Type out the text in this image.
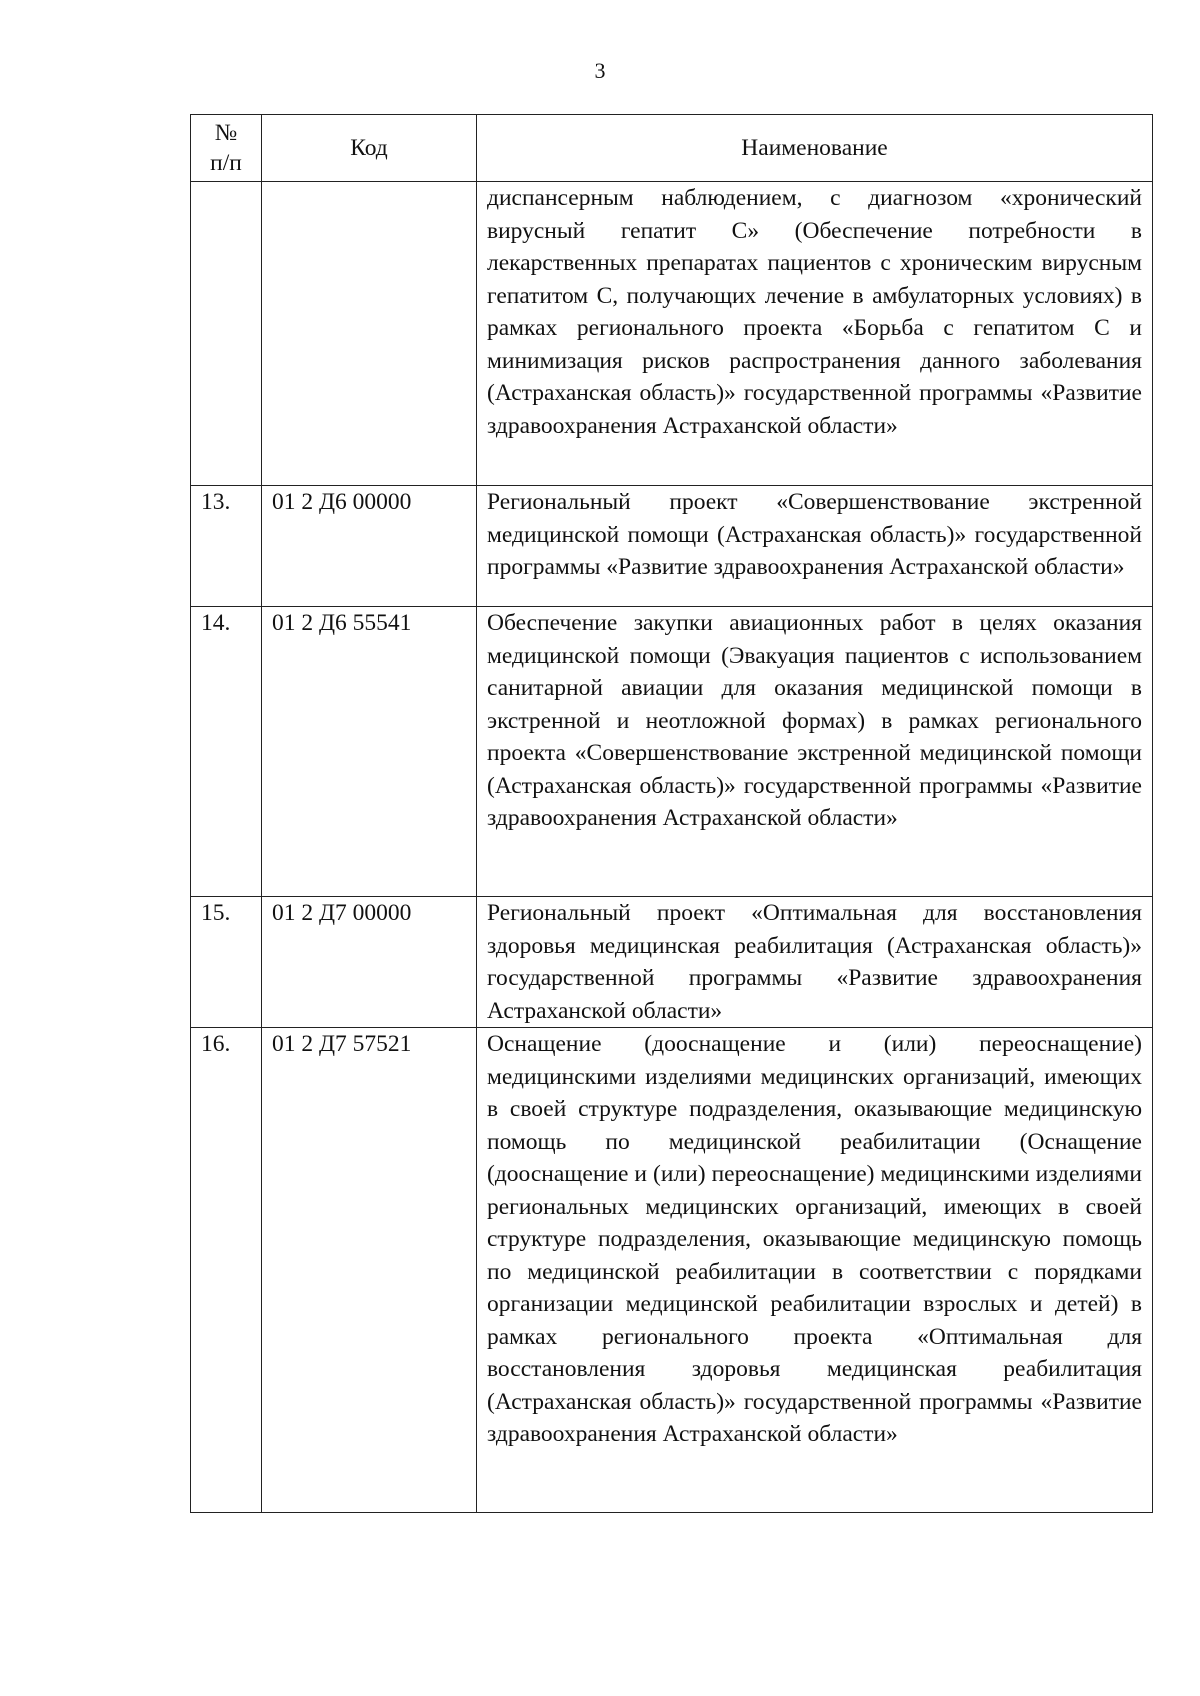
3
№
п/п	Код	Наименование
		диспансерным наблюдением, с диагнозом «хронический вирусный гепатит С» (Обеспечение потребности в лекарственных препаратах пациентов с хроническим вирусным гепатитом С, получающих лечение в амбулаторных условиях) в рамках регионального проекта «Борьба с гепатитом С и минимизация рисков распространения данного заболевания (Астраханская область)» государственной программы «Развитие здравоохранения Астраханской области»
13.	01 2 Д6 00000	Региональный проект «Совершенствование экстренной медицинской помощи (Астраханская область)» государственной программы «Развитие здравоохранения Астраханской области»
14.	01 2 Д6 55541	Обеспечение закупки авиационных работ в целях оказания медицинской помощи (Эвакуация пациентов с использованием санитарной авиации для оказания медицинской помощи в экстренной и неотложной формах) в рамках регионального проекта «Совершенствование экстренной медицинской помощи (Астраханская область)» государственной программы «Развитие здравоохранения Астраханской области»
15.	01 2 Д7 00000	Региональный проект «Оптимальная для восстановления здоровья медицинская реабилитация (Астраханская область)» государственной программы «Развитие здравоохранения Астраханской области»
16.	01 2 Д7 57521	Оснащение (дооснащение и (или) переоснащение) медицинскими изделиями медицинских организаций, имеющих в своей структуре подразделения, оказывающие медицинскую помощь по медицинской реабилитации (Оснащение (дооснащение и (или) переоснащение) медицинскими изделиями региональных медицинских организаций, имеющих в своей структуре подразделения, оказывающие медицинскую помощь по медицинской реабилитации в соответствии с порядками организации медицинской реабилитации взрослых и детей) в рамках регионального проекта «Оптимальная для восстановления здоровья медицинская реабилитация (Астраханская область)» государственной программы «Развитие здравоохранения Астраханской области»
